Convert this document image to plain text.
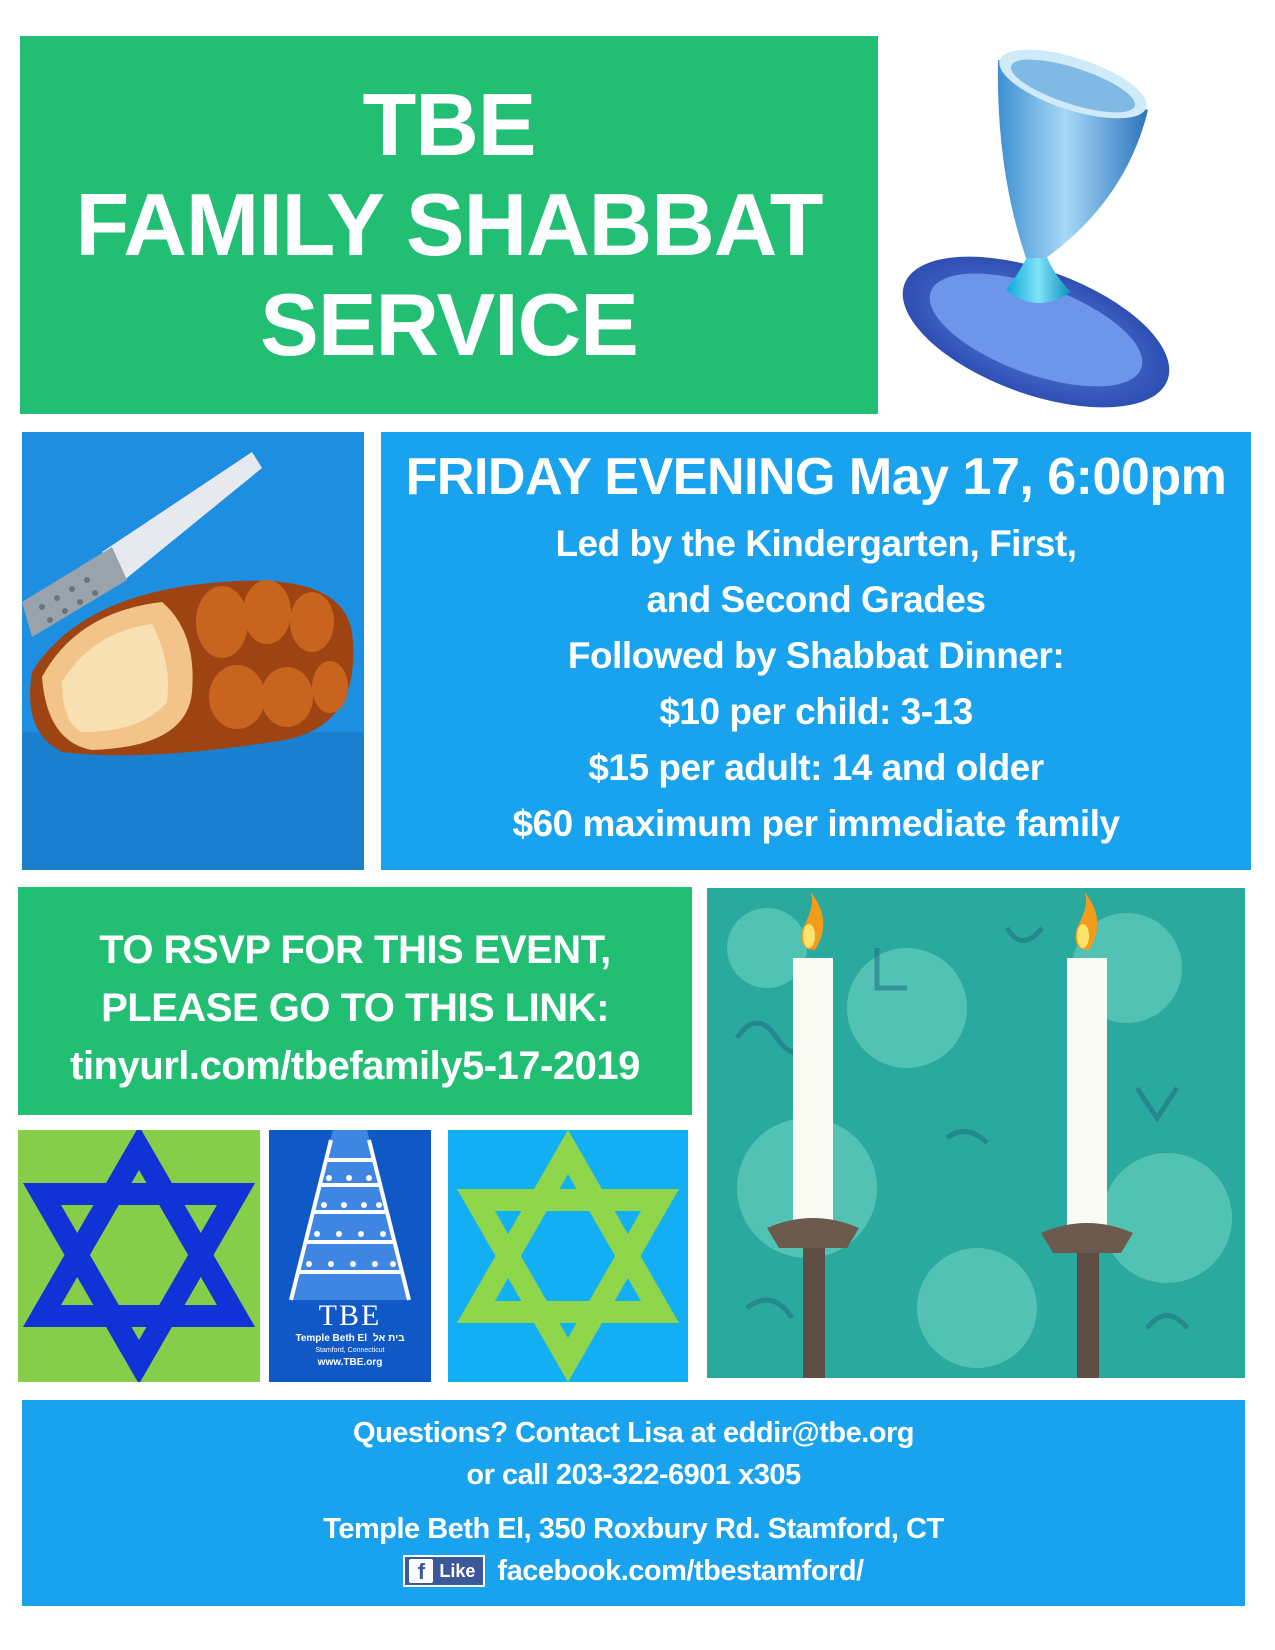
TBE
FAMILY SHABBAT
SERVICE
FRIDAY EVENING May 17, 6:00pm
Led by the Kindergarten, First,
and Second Grades
Followed by Shabbat Dinner:
$10 per child: 3-13
$15 per adult: 14 and older
$60 maximum per immediate family
TO RSVP FOR THIS EVENT,
PLEASE GO TO THIS LINK:
tinyurl.com/tbefamily5-17-2019
TBE
Temple Beth El בית אל
Stamford, Connecticut
www.TBE.org
Questions? Contact Lisa at eddir@tbe.org
or call 203-322-6901 x305
Temple Beth El, 350 Roxbury Rd. Stamford, CT
f Like facebook.com/tbestamford/
